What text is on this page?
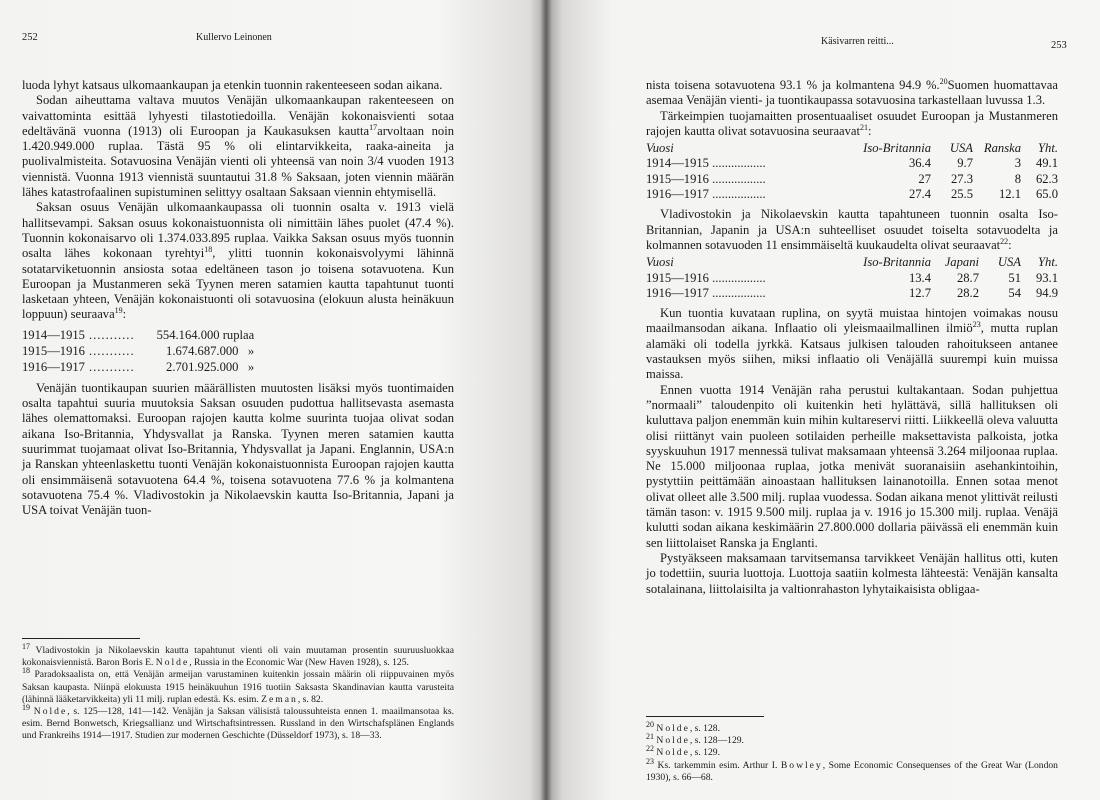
252	Kullervo Leinonen

luoda lyhyt katsaus ulkomaankaupan ja etenkin tuonnin rakenteeseen sodan aikana.

Sodan aiheuttama valtava muutos Venäjän ulkomaankaupan rakenteeseen on vaivattominta esittää lyhyesti tilastotiedoilla. Venäjän kokonaisvienti sotaa edeltävänä vuonna (1913) oli Euroopan ja Kaukasuksen kautta$^{17}$arvoltaan noin 1.420.949.000 ruplaa. Tästä 95 % oli elintarvikkeita, raaka-aineita ja puolivalmisteita. Sotavuosina Venäjän vienti oli yhteensä van noin 3/4 vuoden 1913 viennistä. Vuonna 1913 viennistä suuntautui 31.8 % Saksaan, joten viennin määrän lähes katastrofaalinen supistuminen selittyy osaltaan Saksaan viennin ehtymisellä.

Saksan osuus Venäjän ulkomaankaupassa oli tuonnin osalta v. 1913 vielä hallitsevampi. Saksan osuus kokonaistuonnista oli nimittäin lähes puolet (47.4 %). Tuonnin kokonaisarvo oli 1.374.033.895 ruplaa. Vaikka Saksan osuus myös tuonnin osalta lähes kokonaan tyrehtyi$^{18}$, ylitti tuonnin kokonaisvolyymi lähinnä sotatarviketuonnin ansiosta sotaa edeltäneen tason jo toisena sotavuotena. Kun Euroopan ja Mustanmeren sekä Tyynen meren satamien kautta tapahtunut tuonti lasketaan yhteen, Venäjän kokonaistuonti oli sotavuosina (elokuun alusta heinäkuun loppuun) seuraava$^{19}$:

1914—1915	...........	554.164.000 ruplaa
1915—1916	...........	1.674.687.000   »
1916—1917	...........	2.701.925.000   »

Venäjän tuontikaupan suurien määrällisten muutosten lisäksi myös tuontimaiden osalta tapahtui suuria muutoksia Saksan osuuden pudottua hallitsevasta asemasta lähes olemattomaksi. Euroopan rajojen kautta kolme suurinta tuojaa olivat sodan aikana Iso-Britannia, Yhdysvallat ja Ranska. Tyynen meren satamien kautta suurimmat tuojamaat olivat Iso-Britannia, Yhdysvallat ja Japani. Englannin, USA:n ja Ranskan yhteenlaskettu tuonti Venäjän kokonaistuonnista Euroopan rajojen kautta oli ensimmäisenä sotavuotena 64.4 %, toisena sotavuotena 77.6 % ja kolmantena sotavuotena 75.4 %. Vladivostokin ja Nikolaevskin kautta Iso-Britannia, Japani ja USA toivat Venäjän tuon-

$^{17}$ Vladivostokin ja Nikolaevskin kautta tapahtunut vienti oli vain muutaman prosentin suuruusluokkaa kokonaisviennistä. Baron Boris E. Nolde, Russia in the Economic War (New Haven 1928), s. 125.

$^{18}$ Paradoksaalista on, että Venäjän armeijan varustaminen kuitenkin jossain määrin oli riippuvainen myös Saksan kaupasta. Niinpä elokuusta 1915 heinäkuuhun 1916 tuotiin Saksasta Skandinavian kautta varusteita (lähinnä lääketarvikkeita) yli 11 milj. ruplan edestä. Ks. esim. Zeman, s. 82.

$^{19}$ Nolde, s. 125—128, 141—142. Venäjän ja Saksan välisistä taloussuhteista ennen 1. maailmansotaa ks. esim. Bernd Bonwetsch, Kriegsallianz und Wirtschaftsintressen. Russland in den Wirtschafsplänen Englands und Frankreihs 1914—1917. Studien zur modernen Geschichte (Düsseldorf 1973), s. 18—33.

Käsivarren reitti...	253

nista toisena sotavuotena 93.1 % ja kolmantena 94.9 %.$^{20}$Suomen huomattavaa asemaa Venäjän vienti- ja tuontikaupassa sotavuosina tarkastellaan luvussa 1.3.

Tärkeimpien tuojamaitten prosentuaaliset osuudet Euroopan ja Mustanmeren rajojen kautta olivat sotavuosina seuraavat$^{21}$:

Vuosi	Iso-Britannia	USA	Ranska	Yht.
1914—1915 .................	36.4	9.7	3	49.1
1915—1916 .................	27	27.3	8	62.3
1916—1917 .................	27.4	25.5	12.1	65.0

Vladivostokin ja Nikolaevskin kautta tapahtuneen tuonnin osalta Iso-Britannian, Japanin ja USA:n suhteelliset osuudet toiselta sotavuodelta ja kolmannen sotavuoden 11 ensimmäiseltä kuukaudelta olivat seuraavat$^{22}$:

Vuosi	Iso-Britannia	Japani	USA	Yht.
1915—1916 .................	13.4	28.7	51	93.1
1916—1917 .................	12.7	28.2	54	94.9

Kun tuontia kuvataan ruplina, on syytä muistaa hintojen voimakas nousu maailmansodan aikana. Inflaatio oli yleismaailmallinen ilmiö$^{23}$, mutta ruplan alamäki oli todella jyrkkä. Katsaus julkisen talouden rahoitukseen antanee vastauksen myös siihen, miksi inflaatio oli Venäjällä suurempi kuin muissa maissa.

Ennen vuotta 1914 Venäjän raha perustui kultakantaan. Sodan puhjettua ”normaali” taloudenpito oli kuitenkin heti hylättävä, sillä hallituksen oli kuluttava paljon enemmän kuin mihin kultareservi riitti. Liikkeellä oleva valuutta olisi riittänyt vain puoleen sotilaiden perheille maksettavista palkoista, jotka syyskuuhun 1917 mennessä tulivat maksamaan yhteensä 3.264 miljoonaa ruplaa. Ne 15.000 miljoonaa ruplaa, jotka menivät suoranaisiin asehankintoihin, pystyttiin peittämään ainoastaan hallituksen lainanotoilla. Ennen sotaa menot olivat olleet alle 3.500 milj. ruplaa vuodessa. Sodan aikana menot ylittivät reilusti tämän tason: v. 1915 9.500 milj. ruplaa ja v. 1916 jo 15.300 milj. ruplaa. Venäjä kulutti sodan aikana keskimäärin 27.800.000 dollaria päivässä eli enemmän kuin sen liittolaiset Ranska ja Englanti.

Pystyäkseen maksamaan tarvitsemansa tarvikkeet Venäjän hallitus otti, kuten jo todettiin, suuria luottoja. Luottoja saatiin kolmesta lähteestä: Venäjän kansalta sotalainana, liittolaisilta ja valtionrahaston lyhytaikaisista obligaa-

$^{20}$ Nolde, s. 128.

$^{21}$ Nolde, s. 128—129.

$^{22}$ Nolde, s. 129.

$^{23}$ Ks. tarkemmin esim. Arthur I. Bowley, Some Economic Consequenses of the Great War (London 1930), s. 66—68.
